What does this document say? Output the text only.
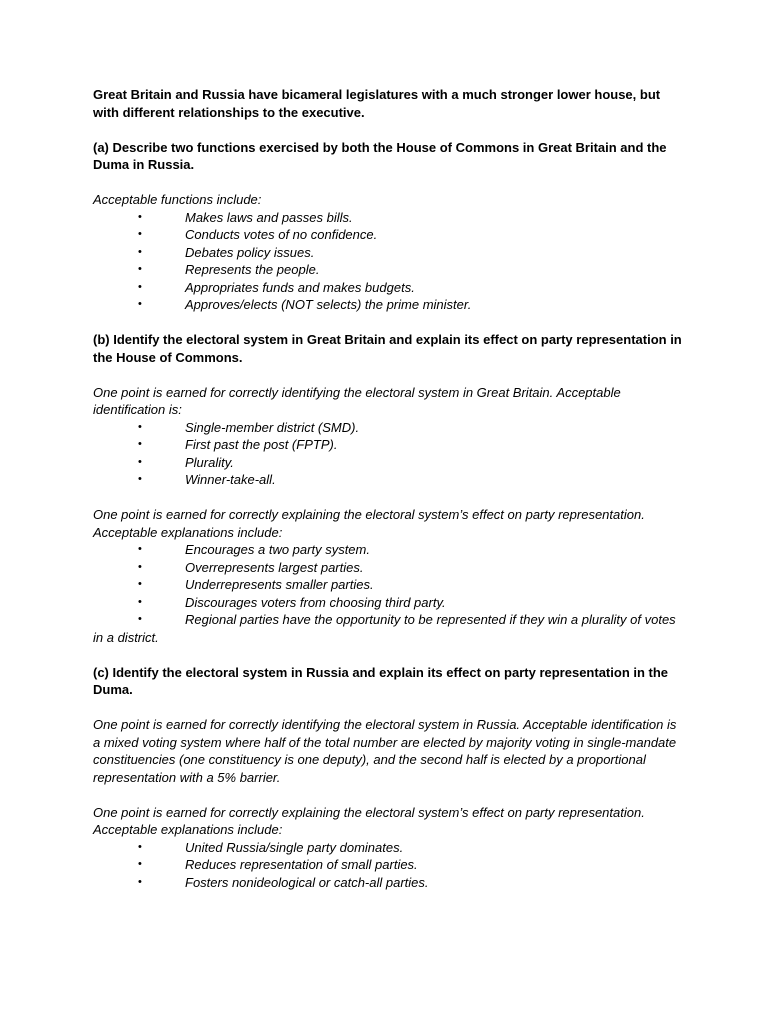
Great Britain and Russia have bicameral legislatures with a much stronger lower house, but with different relationships to the executive.

(a) Describe two functions exercised by both the House of Commons in Great Britain and the Duma in Russia.

Acceptable functions include:

•	Makes laws and passes bills.
•	Conducts votes of no confidence.
•	Debates policy issues.
•	Represents the people.
•	Appropriates funds and makes budgets.
•	Approves/elects (NOT selects) the prime minister.

(b) Identify the electoral system in Great Britain and explain its effect on party representation in the House of Commons.

One point is earned for correctly identifying the electoral system in Great Britain. Acceptable identification is:

•	Single-member district (SMD).
•	First past the post (FPTP).
•	Plurality.
•	Winner-take-all.

One point is earned for correctly explaining the electoral system’s effect on party representation. Acceptable explanations include:

•	Encourages a two party system.
•	Overrepresents largest parties.
•	Underrepresents smaller parties.
•	Discourages voters from choosing third party.
•	Regional parties have the opportunity to be represented if they win a plurality of votes in a district.

(c) Identify the electoral system in Russia and explain its effect on party representation in the Duma.

One point is earned for correctly identifying the electoral system in Russia. Acceptable identification is a mixed voting system where half of the total number are elected by majority voting in single-mandate constituencies (one constituency is one deputy), and the second half is elected by a proportional representation with a 5% barrier.

One point is earned for correctly explaining the electoral system’s effect on party representation. Acceptable explanations include:

•	United Russia/single party dominates.
•	Reduces representation of small parties.
•	Fosters nonideological or catch-all parties.
